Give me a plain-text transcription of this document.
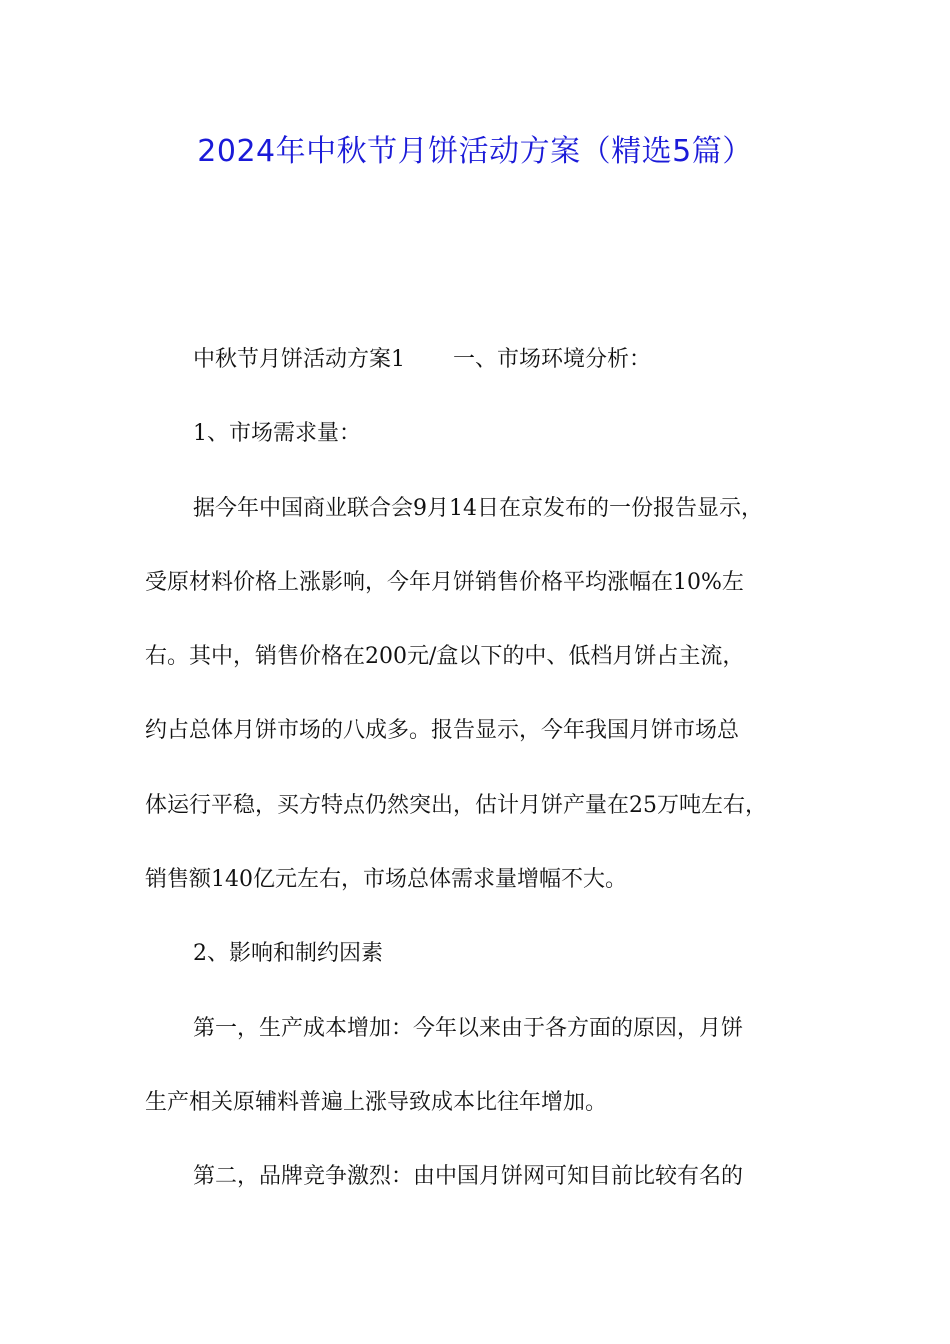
2024年中秋节月饼活动方案（精选5篇）
中秋节月饼活动方案1 一、市场环境分析：
1、市场需求量：
据今年中国商业联合会9月14日在京发布的一份报告显示，
受原材料价格上涨影响，今年月饼销售价格平均涨幅在10%左
右。其中，销售价格在200元/盒以下的中、低档月饼占主流，
约占总体月饼市场的八成多。报告显示，今年我国月饼市场总
体运行平稳，买方特点仍然突出，估计月饼产量在25万吨左右，
销售额140亿元左右，市场总体需求量增幅不大。
2、影响和制约因素
第一，生产成本增加：今年以来由于各方面的原因，月饼
生产相关原辅料普遍上涨导致成本比往年增加。
第二，品牌竞争激烈：由中国月饼网可知目前比较有名的
